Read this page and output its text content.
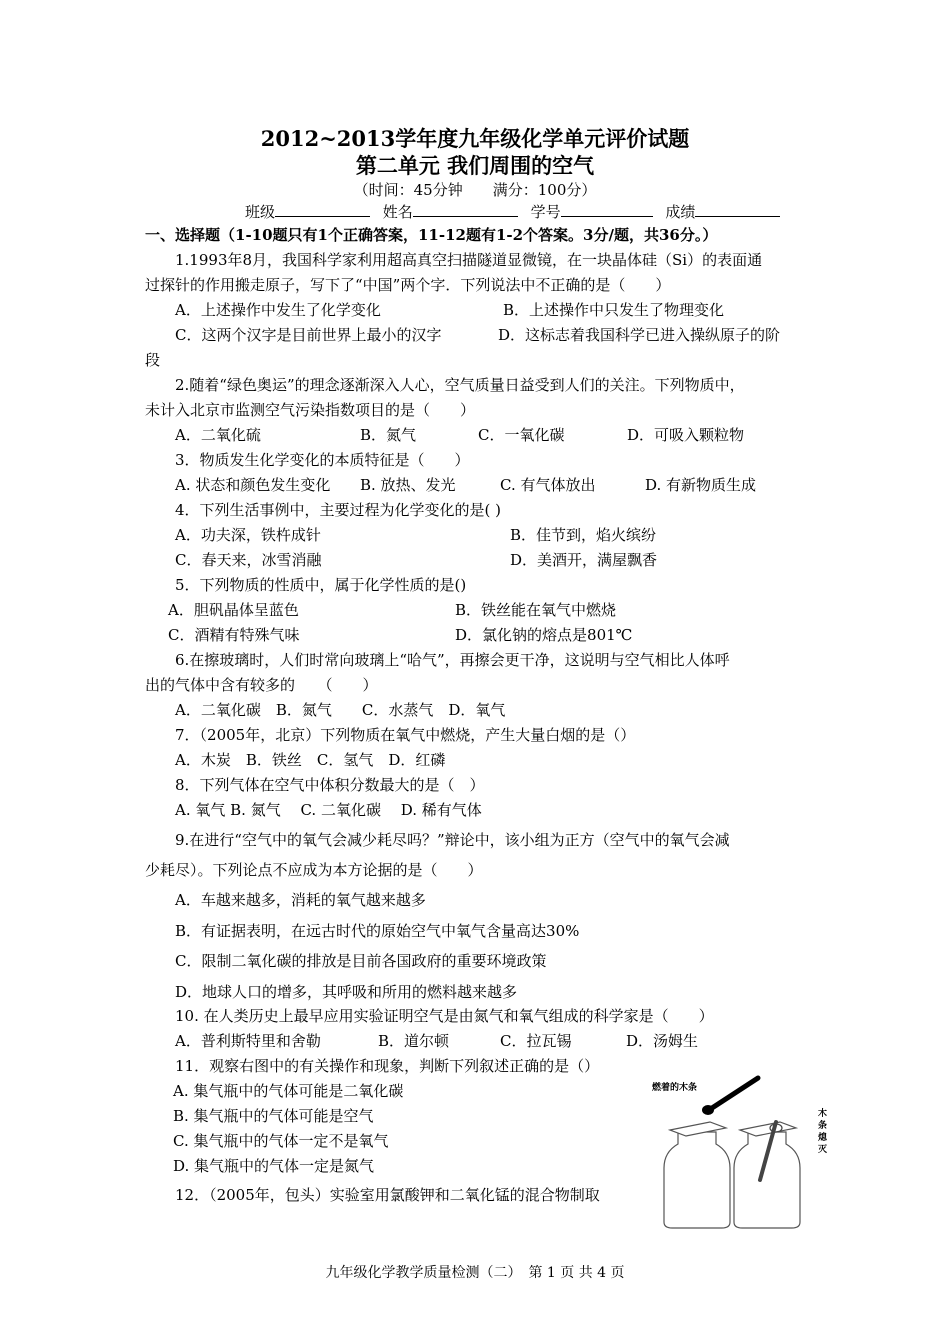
2012~2013学年度九年级化学单元评价试题
第二单元 我们周围的空气
（时间：45分钟　　满分：100分）
班级	姓名	学号	成绩
一、选择题（1-10题只有1个正确答案，11-12题有1-2个答案。3分/题，共36分。）
1.1993年8月，我国科学家利用超高真空扫描隧道显微镜，在一块晶体硅（Si）的表面通
过探针的作用搬走原子，写下了“中国”两个字．下列说法中不正确的是（　　）
A．上述操作中发生了化学变化	B．上述操作中只发生了物理变化
C．这两个汉字是目前世界上最小的汉字	D．这标志着我国科学已进入操纵原子的阶
段
2.随着“绿色奥运”的理念逐渐深入人心，空气质量日益受到人们的关注。下列物质中，
未计入北京市监测空气污染指数项目的是（　　）
A．二氧化硫	B．氮气	C．一氧化碳	D．可吸入颗粒物
3．物质发生化学变化的本质特征是（　　）
A. 状态和颜色发生变化 B. 放热、发光	C. 有气体放出	D. 有新物质生成
4．下列生活事例中，主要过程为化学变化的是( )
A．功夫深，铁杵成针	B．佳节到，焰火缤纷
C．春天来，冰雪消融	D．美酒开，满屋飘香
5．下列物质的性质中，属于化学性质的是()
A．胆矾晶体呈蓝色	B．铁丝能在氧气中燃烧
C．酒精有特殊气味	D．氯化钠的熔点是801℃
6.在擦玻璃时，人们时常向玻璃上“哈气”，再擦会更干净，这说明与空气相比人体呼
出的气体中含有较多的　　（　　）
A．二氧化碳　B．氮气　　C．水蒸气　D．氧气
7．（2005年，北京）下列物质在氧气中燃烧，产生大量白烟的是（）
A．木炭　B．铁丝　C．氢气　D．红磷
8．下列气体在空气中体积分数最大的是（　）
A. 氧气 B. 氮气　 C. 二氧化碳　 D. 稀有气体
9.在进行“空气中的氧气会减少耗尽吗？”辩论中，该小组为正方（空气中的氧气会减
少耗尽）。下列论点不应成为本方论据的是（　　）
A．车越来越多，消耗的氧气越来越多
B．有证据表明，在远古时代的原始空气中氧气含量高达30%
C．限制二氧化碳的排放是目前各国政府的重要环境政策
D．地球人口的增多，其呼吸和所用的燃料越来越多
10. 在人类历史上最早应用实验证明空气是由氮气和氧气组成的科学家是（　　）
A．普利斯特里和舍勒	B．道尔顿	C．拉瓦锡	D．汤姆生
11．观察右图中的有关操作和现象，判断下列叙述正确的是（）
A. 集气瓶中的气体可能是二氧化碳
B. 集气瓶中的气体可能是空气
C. 集气瓶中的气体一定不是氧气
D. 集气瓶中的气体一定是氮气
12．（2005年，包头）实验室用氯酸钾和二氧化锰的混合物制取
燃着的木条
木条熄灭
九年级化学教学质量检测（二）　第 1 页 共 4 页
